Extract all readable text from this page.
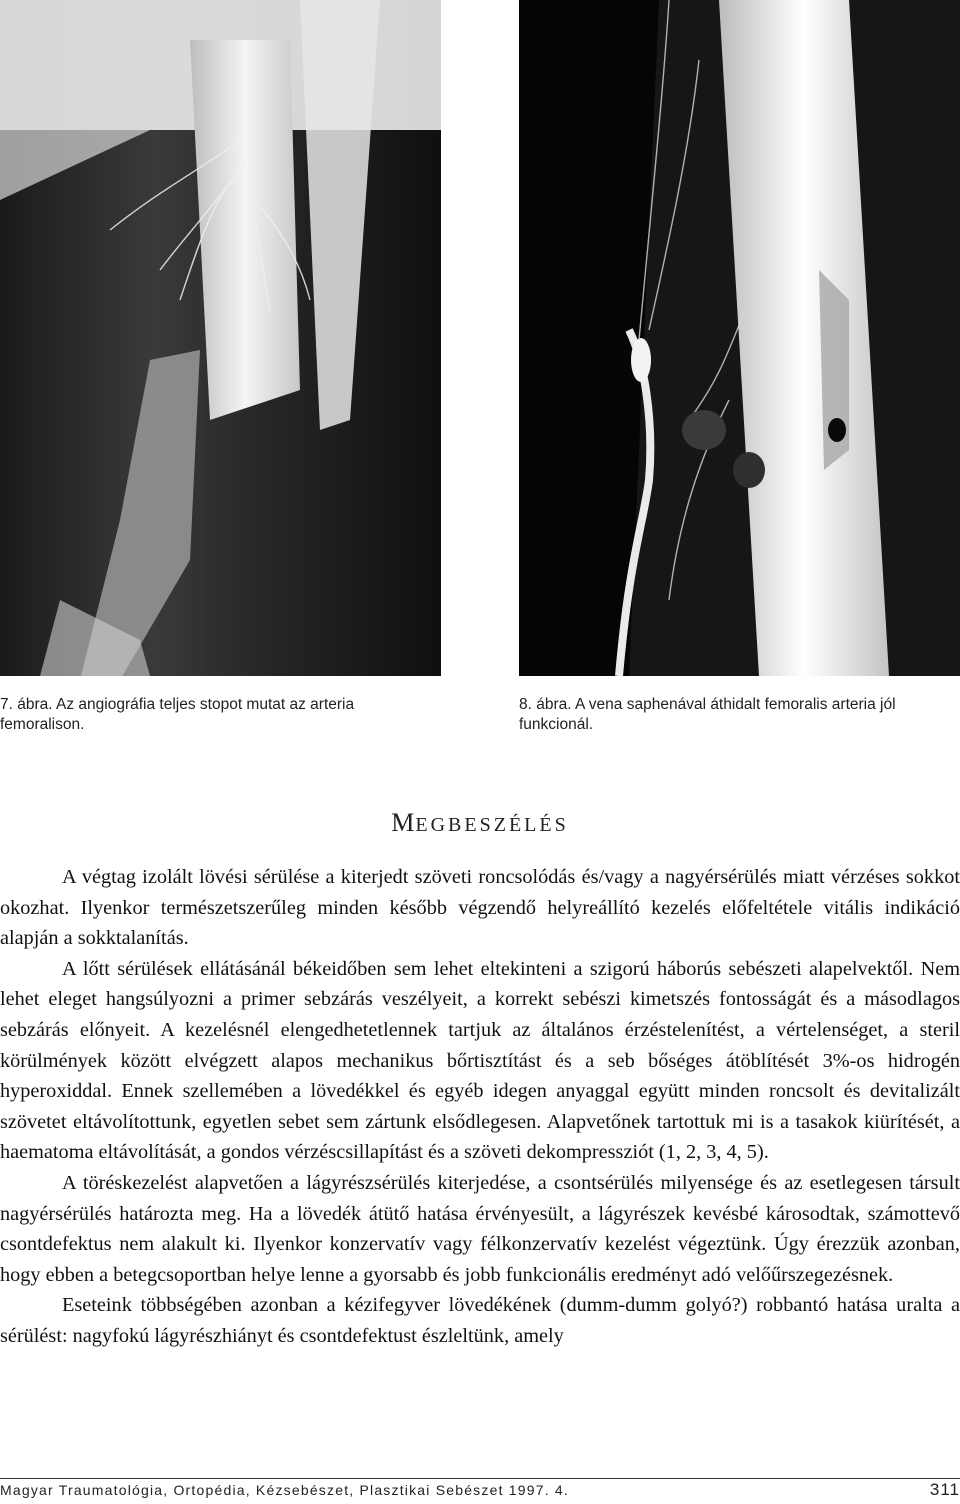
7. ábra. Az angiográfia teljes stopot mutat az arteria femoralison.
8. ábra. A vena saphenával áthidalt femoralis arteria jól funkcionál.
MEGBESZÉLÉS

A végtag izolált lövési sérülése a kiterjedt szöveti roncsolódás és/vagy a nagyérsérülés miatt vérzéses sokkot okozhat. Ilyenkor természetszerűleg minden később végzendő helyreállító kezelés előfeltétele vitális indikáció alapján a sokktalanítás.

A lőtt sérülések ellátásánál békeidőben sem lehet eltekinteni a szigorú háborús sebészeti alapelvektől. Nem lehet eleget hangsúlyozni a primer sebzárás veszélyeit, a korrekt sebészi kimetszés fontosságát és a másodlagos sebzárás előnyeit. A kezelésnél elengedhetetlennek tartjuk az általános érzéstelenítést, a vértelenséget, a steril körülmények között elvégzett alapos mechanikus bőrtisztítást és a seb bőséges átöblítését 3%-os hidrogén hyperoxiddal. Ennek szellemében a lövedékkel és egyéb idegen anyaggal együtt minden roncsolt és devitalizált szövetet eltávolítottunk, egyetlen sebet sem zártunk elsődlegesen. Alapvetőnek tartottuk mi is a tasakok kiürítését, a haematoma eltávolítását, a gondos vérzéscsillapítást és a szöveti dekompressziót (1, 2, 3, 4, 5).

A töréskezelést alapvetően a lágyrészsérülés kiterjedése, a csontsérülés milyensége és az esetlegesen társult nagyérsérülés határozta meg. Ha a lövedék átütő hatása érvényesült, a lágyrészek kevésbé károsodtak, számottevő csontdefektus nem alakult ki. Ilyenkor konzervatív vagy félkonzervatív kezelést végeztünk. Úgy érezzük azonban, hogy ebben a betegcsoportban helye lenne a gyorsabb és jobb funkcionális eredményt adó velőűrszegezésnek.

Eseteink többségében azonban a kézifegyver lövedékének (dumm-dumm golyó?) robbantó hatása uralta a sérülést: nagyfokú lágyrészhiányt és csontdefektust észleltünk, amely

Magyar Traumatológia, Ortopédia, Kézsebészet, Plasztikai Sebészet 1997. 4.	311
